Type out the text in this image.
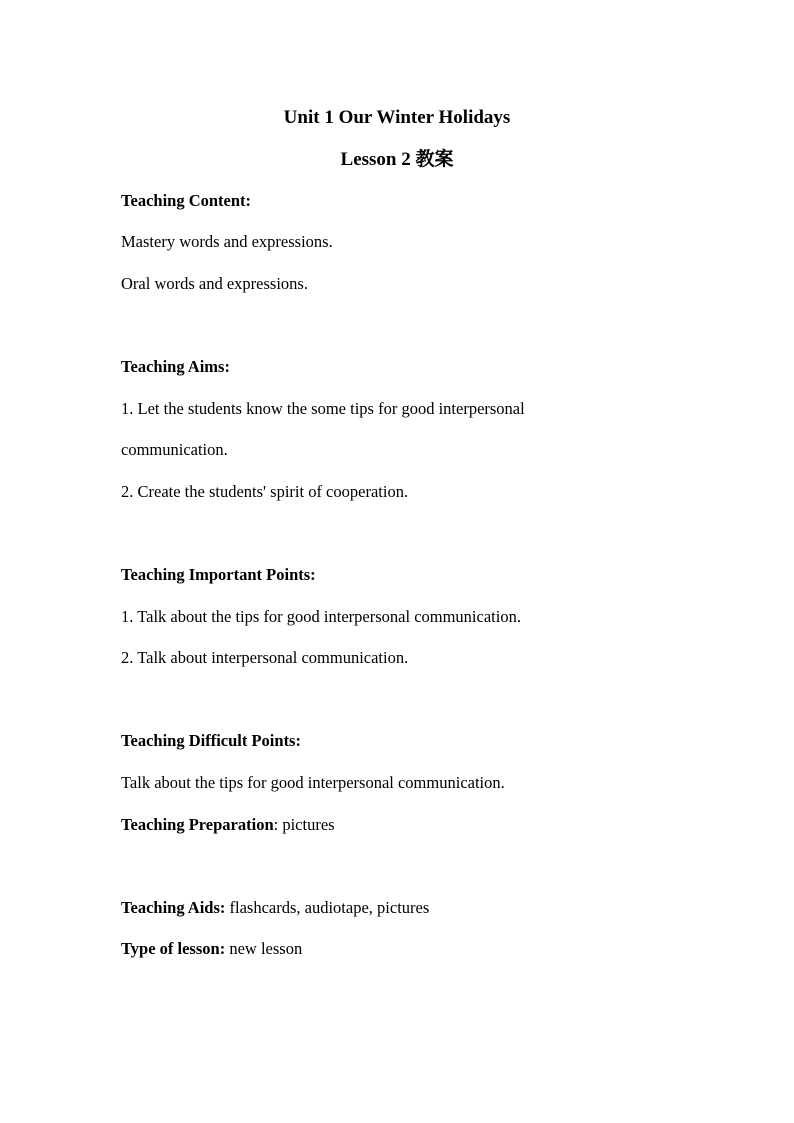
Unit 1 Our Winter Holidays
Lesson 2 教案
Teaching Content:
Mastery words and expressions.
Oral words and expressions.
Teaching Aims:
1. Let the students know the some tips for good interpersonal
communication.
2. Create the students' spirit of cooperation.
Teaching Important Points:
1. Talk about the tips for good interpersonal communication.
2. Talk about interpersonal communication.
Teaching Difficult Points:
Talk about the tips for good interpersonal communication.
Teaching Preparation: pictures
Teaching Aids: flashcards, audiotape, pictures
Type of lesson: new lesson
